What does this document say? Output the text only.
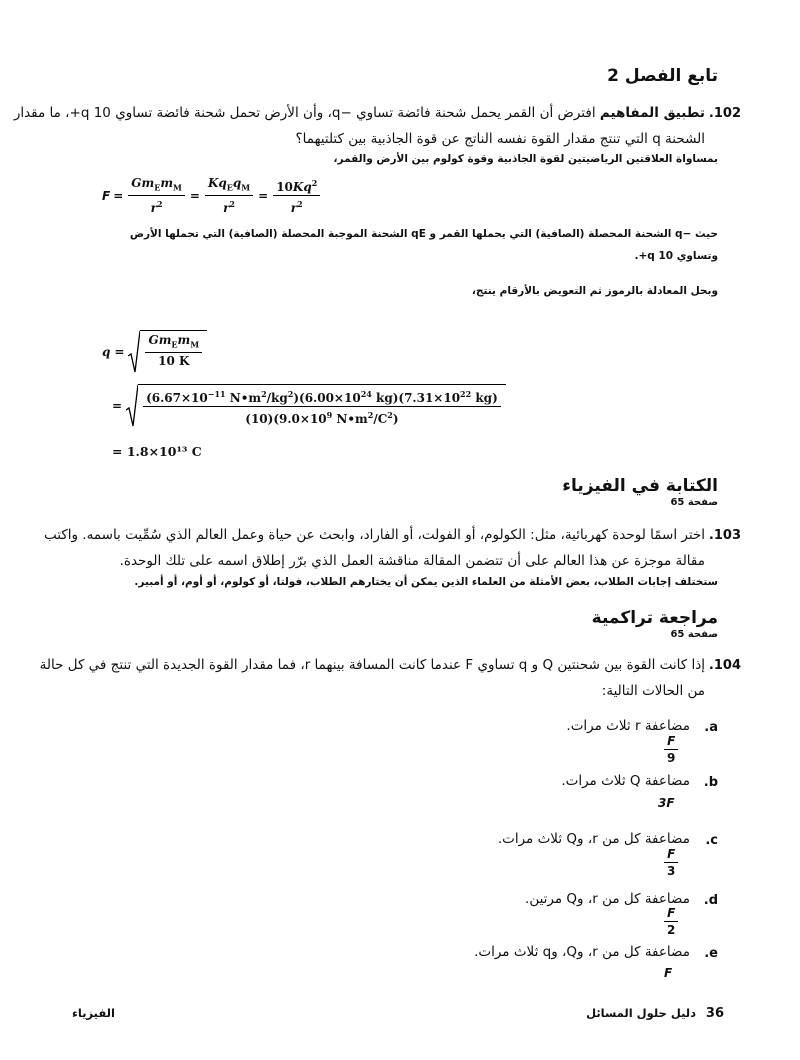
تابع الفصل 2
.102
تطبيق المفاهيم افترض أن القمر يحمل شحنة فائضة تساوي −q، وأن الأرض تحمل شحنة فائضة تساوي 10 q+، ما مقدار
الشحنة q التي تنتج مقدار القوة نفسه الناتج عن قوة الجاذبية بين كتلتيهما؟
بمساواة العلاقتين الرياضيتين لقوة الجاذبية وقوة كولوم بين الأرض والقمر،
$F = \frac{Gm_Em_M}{r^2} = \frac{Kq_Eq_M}{r^2} = \frac{10Kq^2}{r^2}$
حيث −q الشحنة المحصلة (الصافية) التي يحملها القمر و qE الشحنة الموجبة المحصلة (الصافية) التي تحملها الأرض
وتساوي 10 q+.
وبحل المعادلة بالرموز ثم التعويض بالأرقام ينتج،
$q = \frac{Gm_Em_M}{10 K}$
= $\frac{(6.67\times 10^{-11} N•m^2/kg^2)(6.00\times 10^{24} kg)(7.31\times 10^{22} kg)}{(10)(9.0\times 10^9 N•m^2/C^2)}$
= 1.8×10¹³ C
الكتابة في الفيزياء
صفحة 65
.103
اختر اسمًا لوحدة كهربائية، مثل: الكولوم، أو الفولت، أو الفاراد، وابحث عن حياة وعمل العالم الذي سُمِّيت باسمه. واكتب
مقالة موجزة عن هذا العالم على أن تتضمن المقالة مناقشة العمل الذي برّر إطلاق اسمه على تلك الوحدة.
ستختلف إجابات الطلاب، بعض الأمثلة من العلماء الذين يمكن أن يختارهم الطلاب، فولتا، أو كولوم، أو أوم، أو أمبير.
مراجعة تراكمية
صفحة 65
.104
إذا كانت القوة بين شحنتين Q و q تساوي F عندما كانت المسافة بينهما r، فما مقدار القوة الجديدة التي تنتج في كل حالة
من الحالات التالية:
.a
مضاعفة r ثلاث مرات.
$\frac{F}{9}$
.b
مضاعفة Q ثلاث مرات.
3F
.c
مضاعفة كل من r، وQ ثلاث مرات.
$\frac{F}{3}$
.d
مضاعفة كل من r، وQ مرتين.
$\frac{F}{2}$
.e
مضاعفة كل من r، وQ، وq ثلاث مرات.
F
36
دليل حلول المسائل
الفيزياء
